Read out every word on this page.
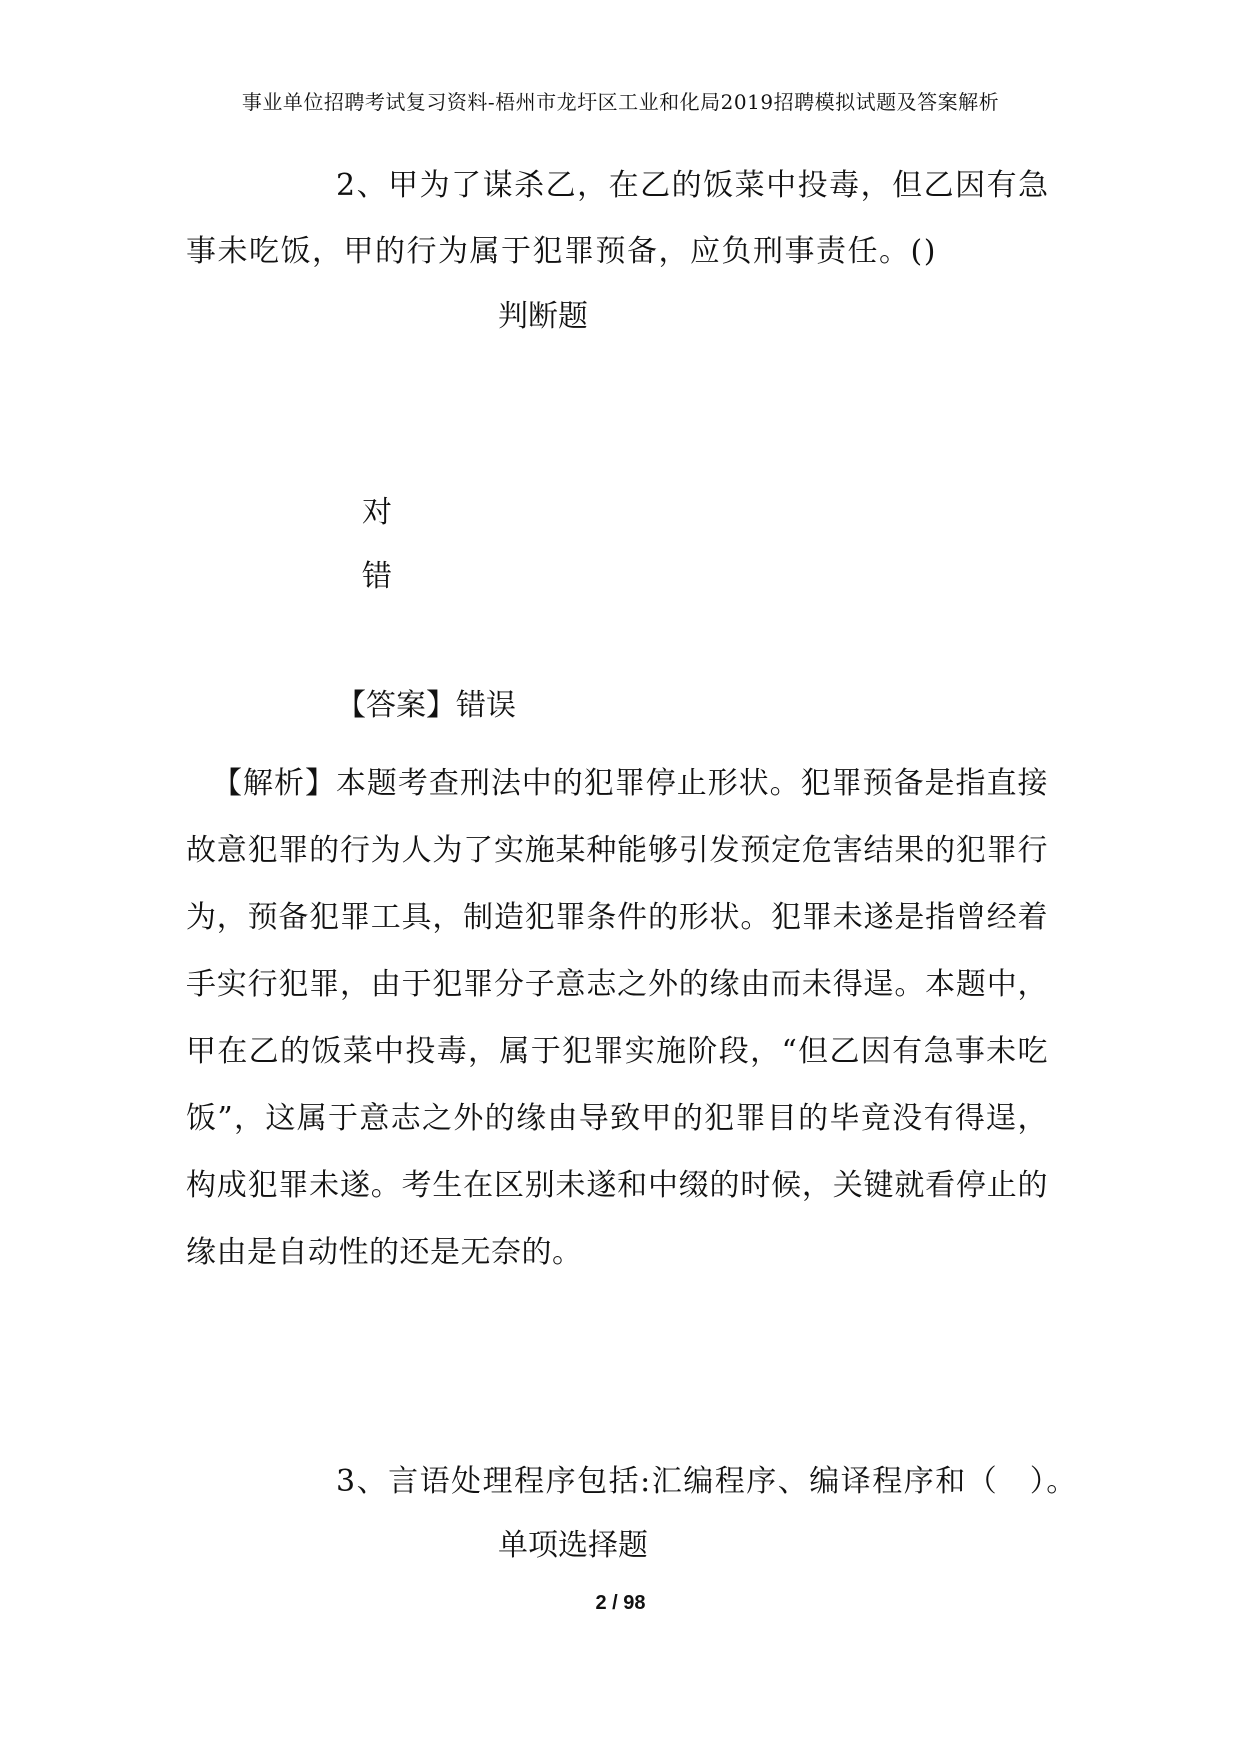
事业单位招聘考试复习资料-梧州市龙圩区工业和化局2019招聘模拟试题及答案解析
2、甲为了谋杀乙，在乙的饭菜中投毒，但乙因有急
事未吃饭，甲的行为属于犯罪预备，应负刑事责任。()
判断题
对
错
【答案】错误
【解析】本题考查刑法中的犯罪停止形状。犯罪预备是指直接故意犯罪的行为人为了实施某种能够引发预定危害结果的犯罪行为，预备犯罪工具，制造犯罪条件的形状。犯罪未遂是指曾经着手实行犯罪，由于犯罪分子意志之外的缘由而未得逞。本题中，甲在乙的饭菜中投毒，属于犯罪实施阶段，“但乙因有急事未吃饭”，这属于意志之外的缘由导致甲的犯罪目的毕竟没有得逞，构成犯罪未遂。考生在区别未遂和中缀的时候，关键就看停止的缘由是自动性的还是无奈的。
3、言语处理程序包括:汇编程序、编译程序和（　）。
单项选择题
2 / 98
